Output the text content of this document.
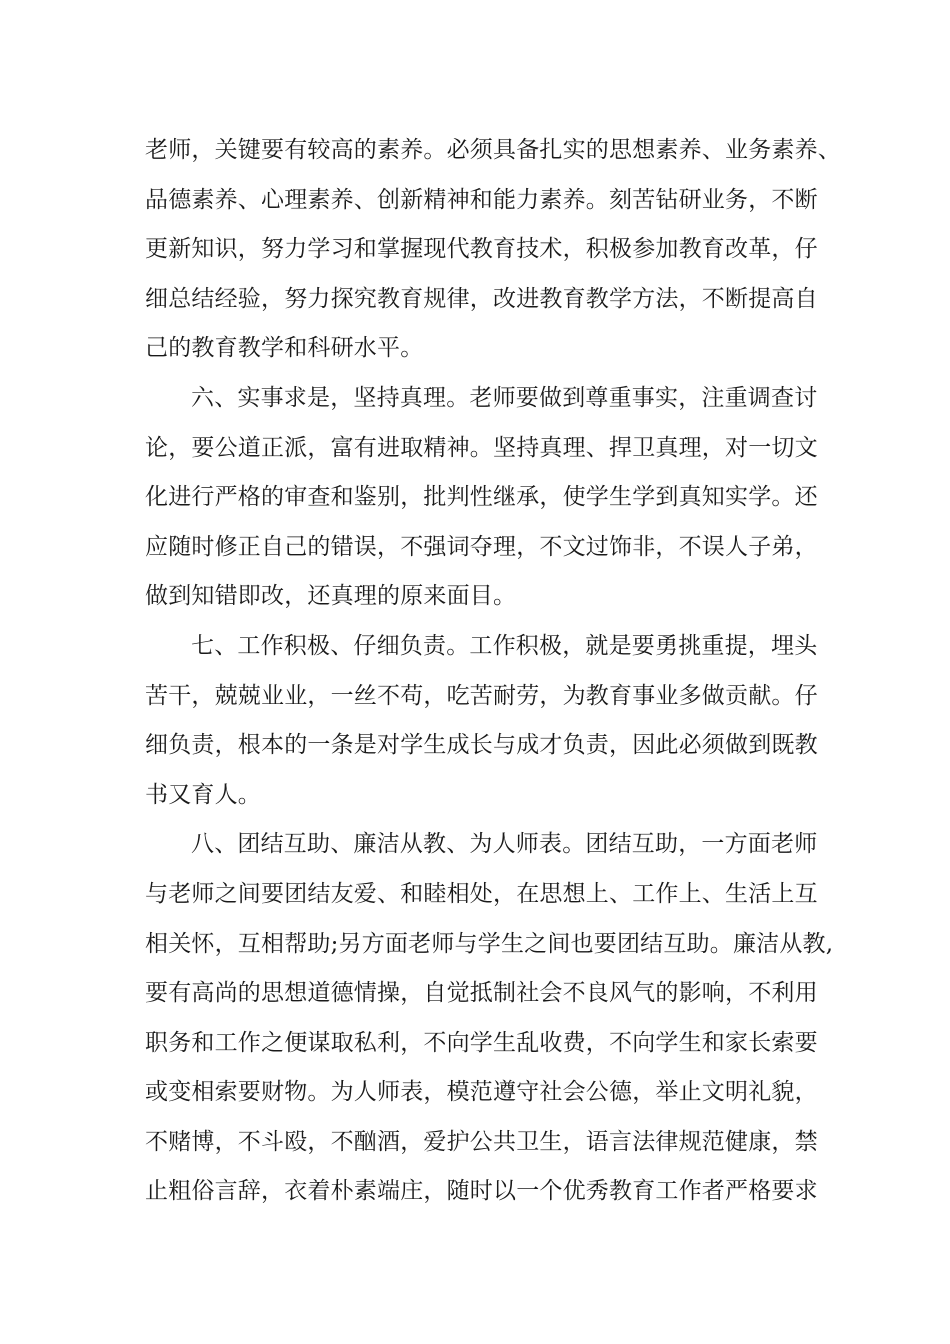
老师，关键要有较高的素养。必须具备扎实的思想素养、业务素养、
品德素养、心理素养、创新精神和能力素养。刻苦钻研业务，不断
更新知识，努力学习和掌握现代教育技术，积极参加教育改革，仔
细总结经验，努力探究教育规律，改进教育教学方法，不断提高自
己的教育教学和科研水平。
六、实事求是，坚持真理。老师要做到尊重事实，注重调查讨
论，要公道正派，富有进取精神。坚持真理、捍卫真理，对一切文
化进行严格的审查和鉴别，批判性继承，使学生学到真知实学。还
应随时修正自己的错误，不强词夺理，不文过饰非，不误人子弟，
做到知错即改，还真理的原来面目。
七、工作积极、仔细负责。工作积极，就是要勇挑重提，埋头
苦干，兢兢业业，一丝不苟，吃苦耐劳，为教育事业多做贡献。仔
细负责，根本的一条是对学生成长与成才负责，因此必须做到既教
书又育人。
八、团结互助、廉洁从教、为人师表。团结互助，一方面老师
与老师之间要团结友爱、和睦相处，在思想上、工作上、生活上互
相关怀，互相帮助;另方面老师与学生之间也要团结互助。廉洁从教,
要有高尚的思想道德情操，自觉抵制社会不良风气的影响，不利用
职务和工作之便谋取私利，不向学生乱收费，不向学生和家长索要
或变相索要财物。为人师表，模范遵守社会公德，举止文明礼貌，
不赌博，不斗殴，不酗酒，爱护公共卫生，语言法律规范健康，禁
止粗俗言辞，衣着朴素端庄，随时以一个优秀教育工作者严格要求
